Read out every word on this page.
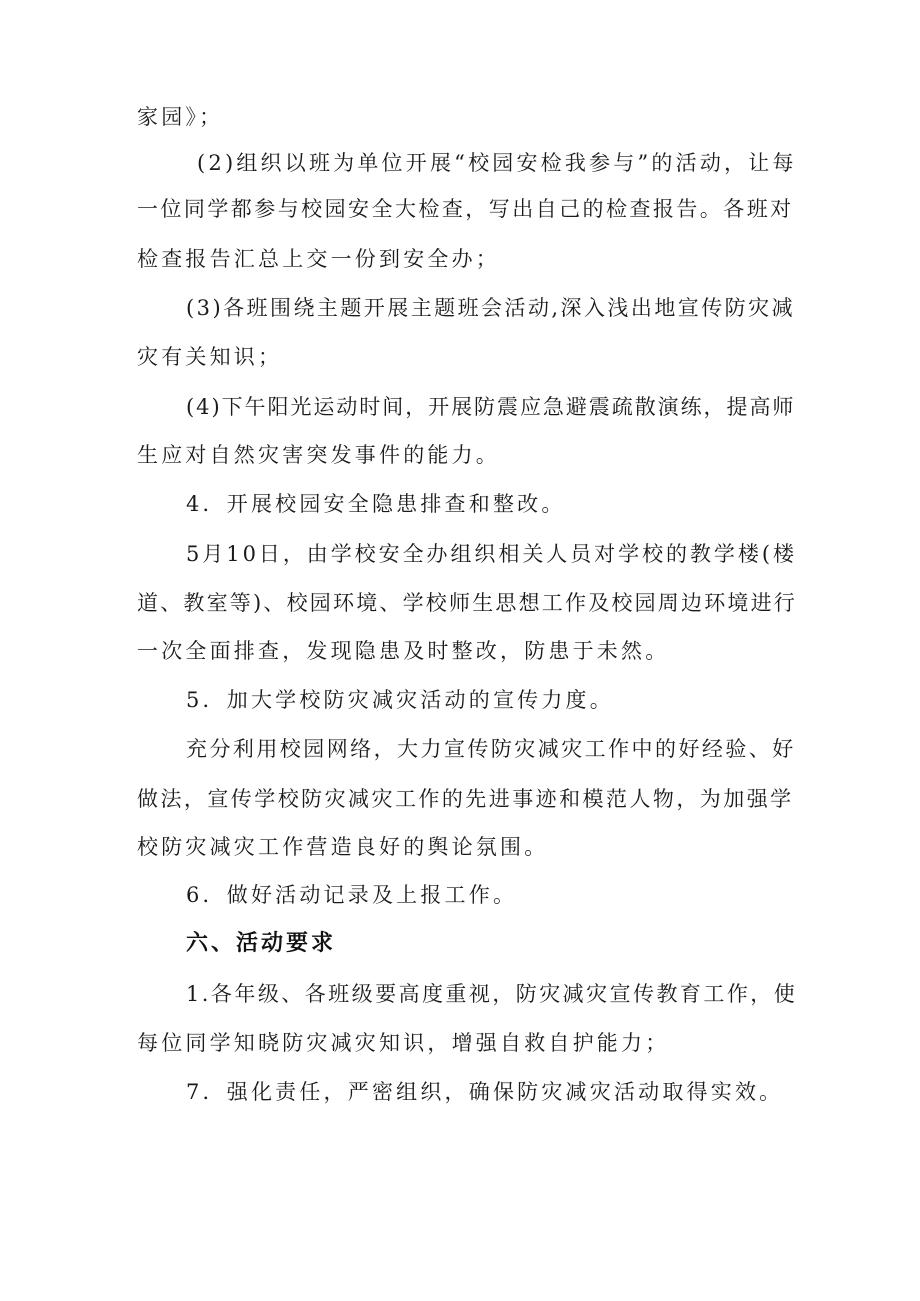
家园》；
(2)组织以班为单位开展“校园安检我参与”的活动，让每
一位同学都参与校园安全大检查，写出自己的检查报告。各班对
检查报告汇总上交一份到安全办；
(3)各班围绕主题开展主题班会活动,深入浅出地宣传防灾减
灾有关知识；
(4)下午阳光运动时间，开展防震应急避震疏散演练，提高师
生应对自然灾害突发事件的能力。
4．开展校园安全隐患排查和整改。
5月10日，由学校安全办组织相关人员对学校的教学楼(楼
道、教室等)、校园环境、学校师生思想工作及校园周边环境进行
一次全面排查，发现隐患及时整改，防患于未然。
5．加大学校防灾减灾活动的宣传力度。
充分利用校园网络，大力宣传防灾减灾工作中的好经验、好
做法，宣传学校防灾减灾工作的先进事迹和模范人物，为加强学
校防灾减灾工作营造良好的舆论氛围。
6．做好活动记录及上报工作。
六、活动要求
1.各年级、各班级要高度重视，防灾减灾宣传教育工作，使
每位同学知晓防灾减灾知识，增强自救自护能力；
7．强化责任，严密组织，确保防灾减灾活动取得实效。
